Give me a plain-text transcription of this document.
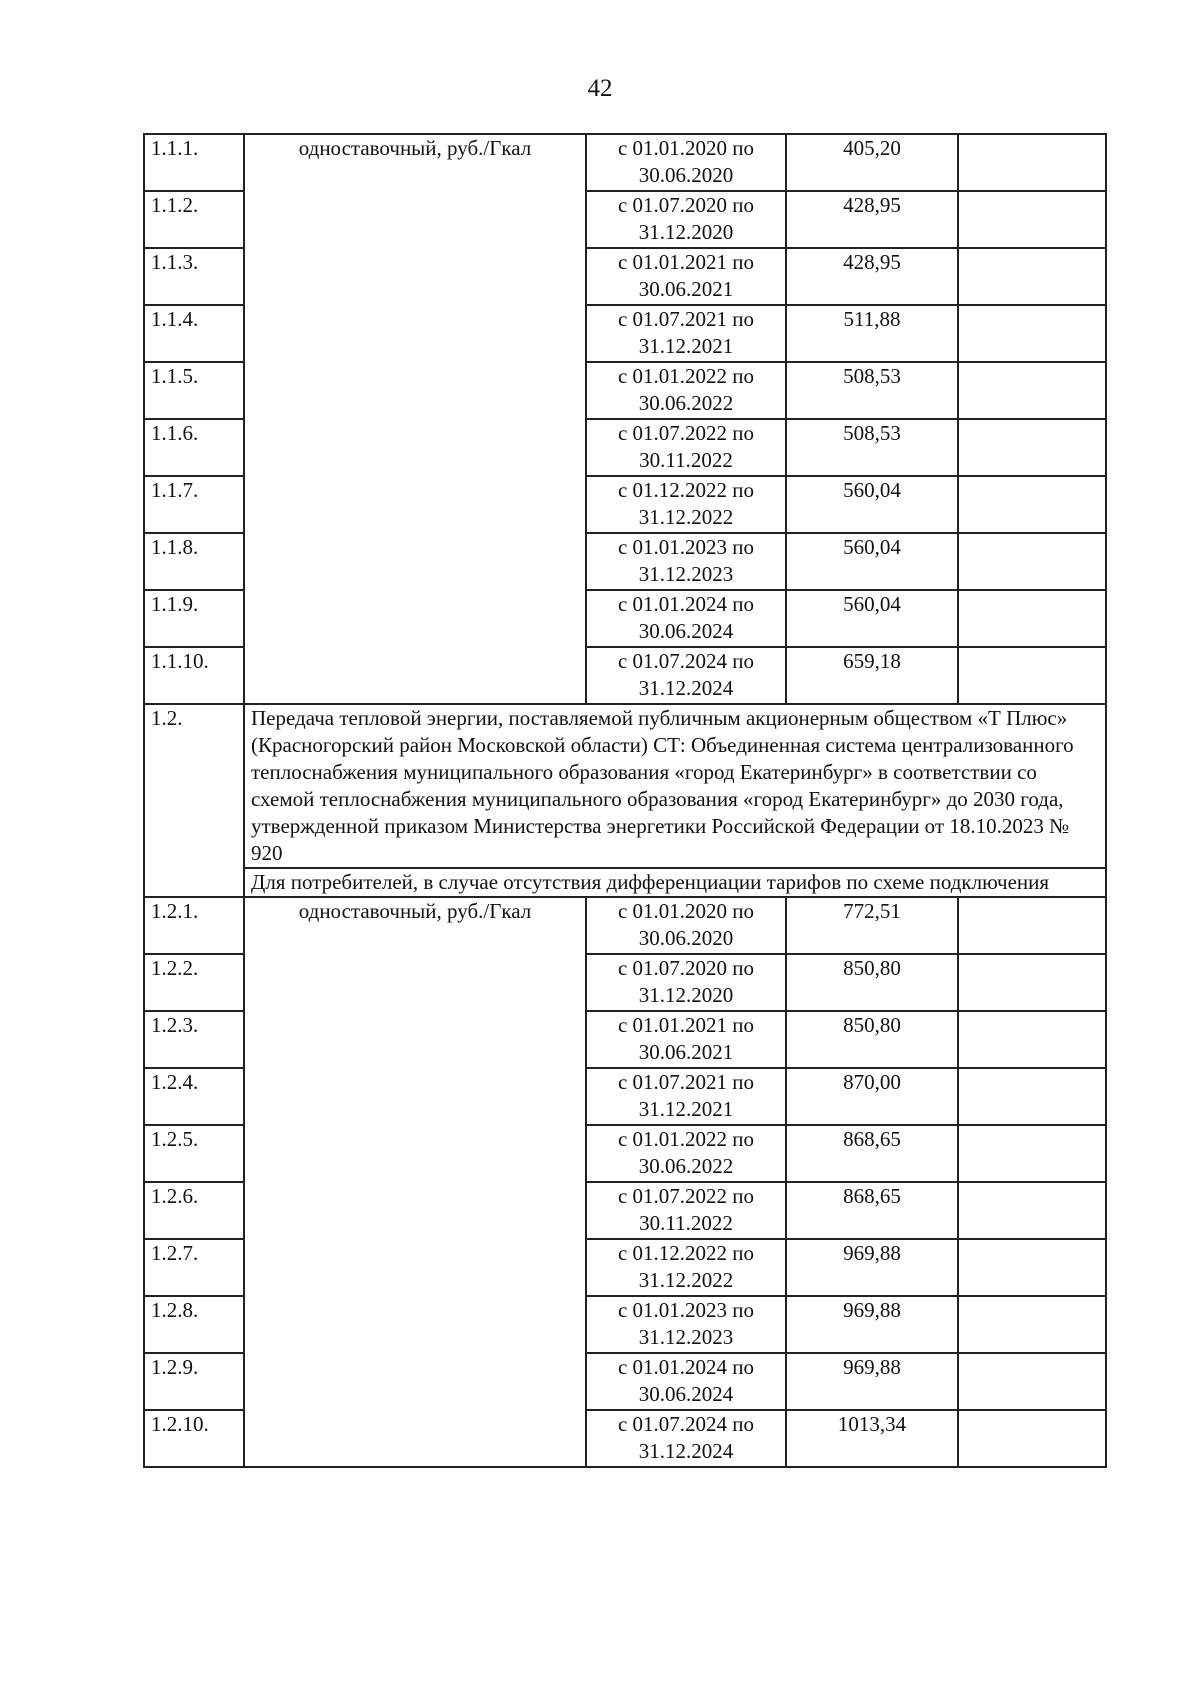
42
1.1.1.	одноставочный, руб./Гкал	с 01.01.2020 по
30.06.2020	405,20	
1.1.2.		с 01.07.2020 по
31.12.2020	428,95	
1.1.3.		с 01.01.2021 по
30.06.2021	428,95	
1.1.4.		с 01.07.2021 по
31.12.2021	511,88	
1.1.5.		с 01.01.2022 по
30.06.2022	508,53	
1.1.6.		с 01.07.2022 по
30.11.2022	508,53	
1.1.7.		с 01.12.2022 по
31.12.2022	560,04	
1.1.8.		с 01.01.2023 по
31.12.2023	560,04	
1.1.9.		с 01.01.2024 по
30.06.2024	560,04	
1.1.10.		с 01.07.2024 по
31.12.2024	659,18	
1.2.	Передача тепловой энергии, поставляемой публичным акционерным обществом «Т Плюс» (Красногорский район Московской области) СТ: Объединенная система централизованного теплоснабжения муниципального образования «город Екатеринбург» в соответствии со схемой теплоснабжения муниципального образования «город Екатеринбург» до 2030 года, утвержденной приказом Министерства энергетики Российской Федерации от 18.10.2023 № 920			
	Для потребителей, в случае отсутствия дифференциации тарифов по схеме подключения			
1.2.1.	одноставочный, руб./Гкал	с 01.01.2020 по
30.06.2020	772,51	
1.2.2.		с 01.07.2020 по
31.12.2020	850,80	
1.2.3.		с 01.01.2021 по
30.06.2021	850,80	
1.2.4.		с 01.07.2021 по
31.12.2021	870,00	
1.2.5.		с 01.01.2022 по
30.06.2022	868,65	
1.2.6.		с 01.07.2022 по
30.11.2022	868,65	
1.2.7.		с 01.12.2022 по
31.12.2022	969,88	
1.2.8.		с 01.01.2023 по
31.12.2023	969,88	
1.2.9.		с 01.01.2024 по
30.06.2024	969,88	
1.2.10.		с 01.07.2024 по
31.12.2024	1013,34	
